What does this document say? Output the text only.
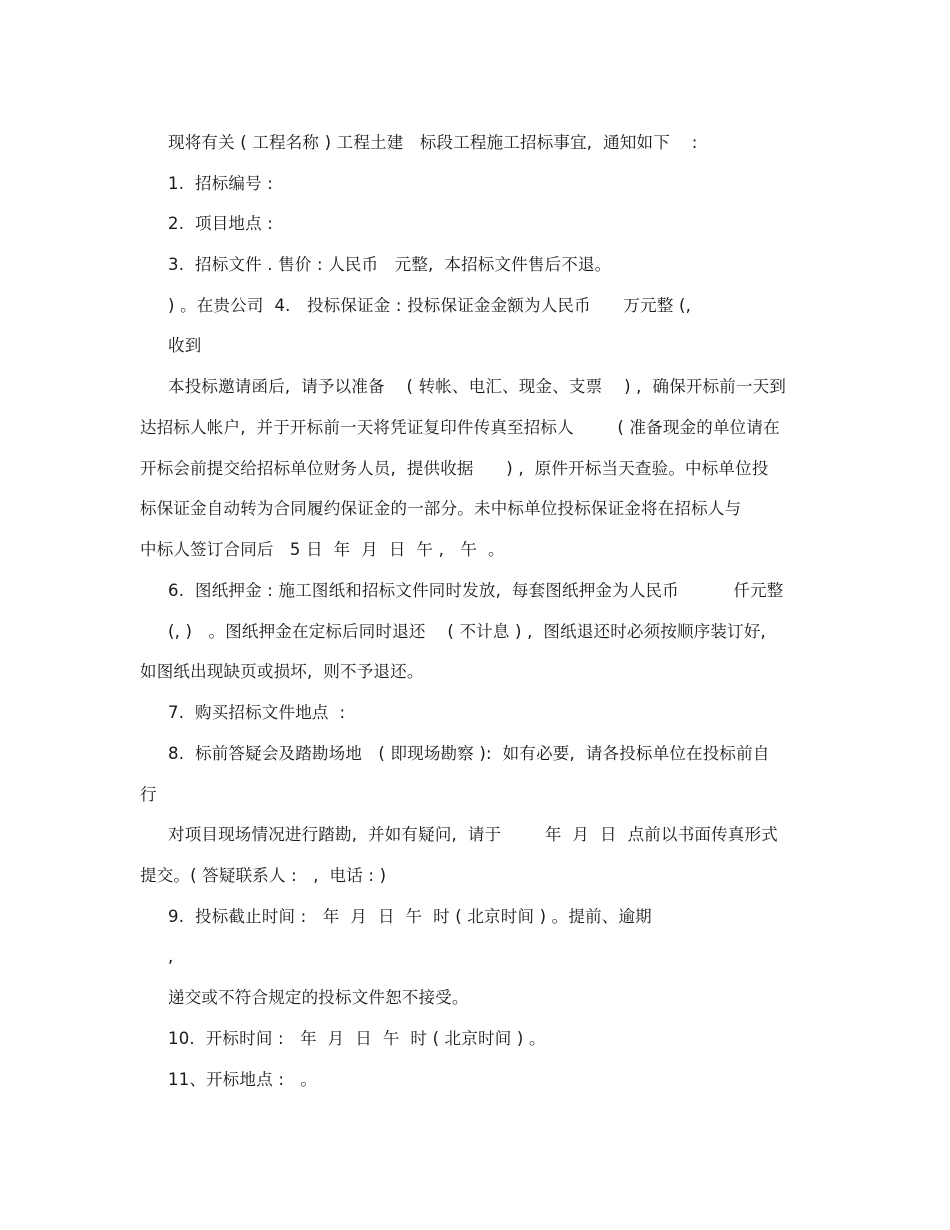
现将有关 ( 工程名称 ) 工程土建   标段工程施工招标事宜,  通知如下    :
1.  招标编号 :
2.  项目地点 :
3.  招标文件 . 售价 : 人民币   元整,  本招标文件售后不退。
) 。在贵公司  4.   投标保证金 : 投标保证金金额为人民币      万元整 (,
收到
本投标邀请函后,  请予以准备    ( 转帐、电汇、现金、支票    ) ,  确保开标前一天到
达招标人帐户,  并于开标前一天将凭证复印件传真至招标人        ( 准备现金的单位请在
开标会前提交给招标单位财务人员,  提供收据      ) ,  原件开标当天查验。中标单位投
标保证金自动转为合同履约保证金的一部分。未中标单位投标保证金将在招标人与
中标人签订合同后   5 日  年  月  日  午 ,   午  。
6.  图纸押金 : 施工图纸和招标文件同时发放,  每套图纸押金为人民币          仟元整
(, )   。图纸押金在定标后同时退还    ( 不计息 ) ,  图纸退还时必须按顺序装订好,
如图纸出现缺页或损坏,  则不予退还。
7.  购买招标文件地点  :
8.  标前答疑会及踏勘场地   ( 即现场勘察 ):  如有必要,  请各投标单位在投标前自
行
对项目现场情况进行踏勘,  并如有疑问,  请于        年  月  日  点前以书面传真形式
提交。( 答疑联系人 :   ,  电话 : )
9.  投标截止时间 :   年  月  日  午  时 ( 北京时间 ) 。提前、逾期
,
递交或不符合规定的投标文件恕不接受。
10.  开标时间 :   年  月  日  午  时 ( 北京时间 ) 。
11、开标地点 :   。
